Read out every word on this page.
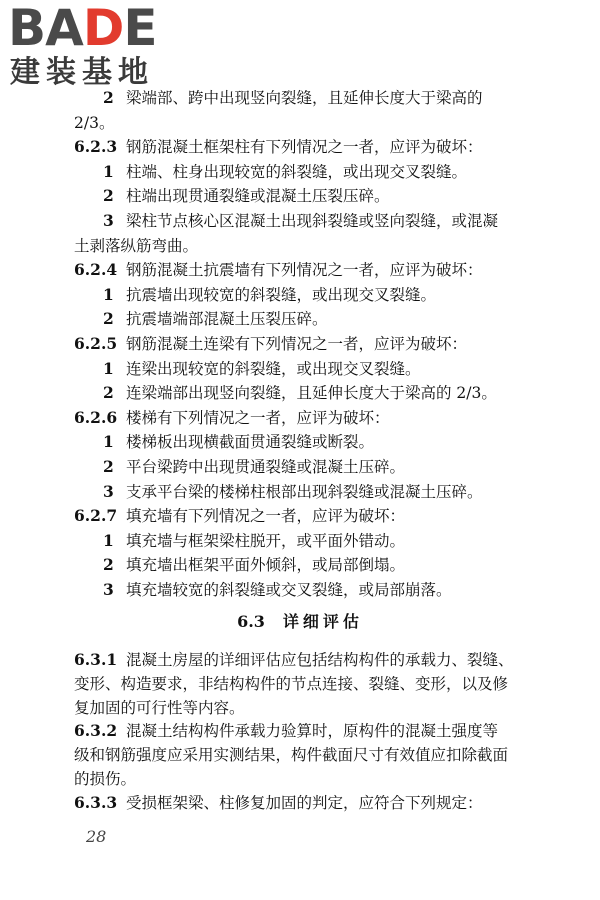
BA D E
建装基地
2 梁端部、跨中出现竖向裂缝，且延伸长度大于梁高的
2/3。
6.2.3 钢筋混凝土框架柱有下列情况之一者，应评为破坏：
1 柱端、柱身出现较宽的斜裂缝，或出现交叉裂缝。
2 柱端出现贯通裂缝或混凝土压裂压碎。
3 梁柱节点核心区混凝土出现斜裂缝或竖向裂缝，或混凝
土剥落纵筋弯曲。
6.2.4 钢筋混凝土抗震墙有下列情况之一者，应评为破坏：
1 抗震墙出现较宽的斜裂缝，或出现交叉裂缝。
2 抗震墙端部混凝土压裂压碎。
6.2.5 钢筋混凝土连梁有下列情况之一者，应评为破坏：
1 连梁出现较宽的斜裂缝，或出现交叉裂缝。
2 连梁端部出现竖向裂缝，且延伸长度大于梁高的 2/3。
6.2.6 楼梯有下列情况之一者，应评为破坏：
1 楼梯板出现横截面贯通裂缝或断裂。
2 平台梁跨中出现贯通裂缝或混凝土压碎。
3 支承平台梁的楼梯柱根部出现斜裂缝或混凝土压碎。
6.2.7 填充墙有下列情况之一者，应评为破坏：
1 填充墙与框架梁柱脱开，或平面外错动。
2 填充墙出框架平面外倾斜，或局部倒塌。
3 填充墙较宽的斜裂缝或交叉裂缝，或局部崩落。
6.3 详细评估
6.3.1 混凝土房屋的详细评估应包括结构构件的承载力、裂缝、
变形、构造要求，非结构构件的节点连接、裂缝、变形，以及修
复加固的可行性等内容。
6.3.2 混凝土结构构件承载力验算时，原构件的混凝土强度等
级和钢筋强度应采用实测结果，构件截面尺寸有效值应扣除截面
的损伤。
6.3.3 受损框架梁、柱修复加固的判定，应符合下列规定：
28
